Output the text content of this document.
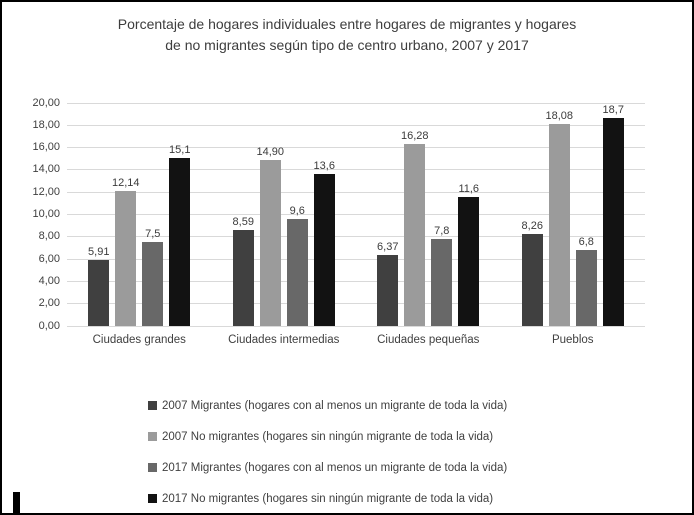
Porcentaje de hogares individuales entre hogares de migrantes y hogares
de no migrantes según tipo de centro urbano, 2007 y 2017
0,00
2,00
4,00
6,00
8,00
10,00
12,00
14,00
16,00
18,00
20,00
5,91
12,14
7,5
15,1
8,59
14,90
9,6
13,6
6,37
16,28
7,8
11,6
8,26
18,08
6,8
18,7
Ciudades grandes	Ciudades intermedias	Ciudades pequeñas	Pueblos
2007 Migrantes (hogares con al menos un migrante de toda la vida)
2007 No migrantes (hogares sin ningún migrante de toda la vida)
2017 Migrantes (hogares con al menos un migrante de toda la vida)
2017 No migrantes (hogares sin ningún migrante de toda la vida)
